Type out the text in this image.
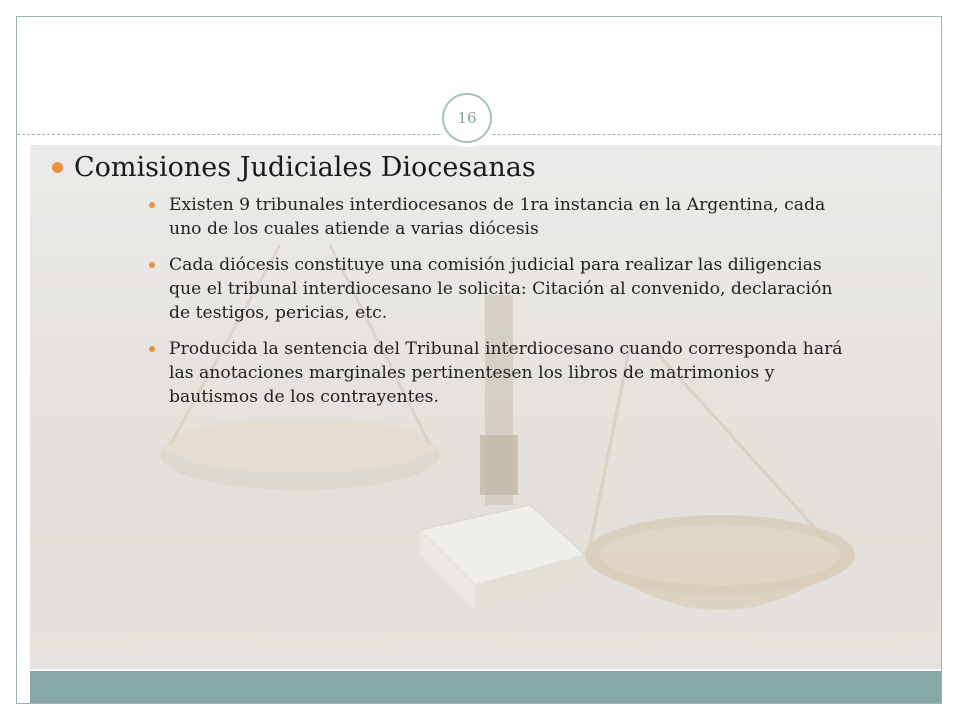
16
Comisiones Judiciales Diocesanas
Existen 9 tribunales interdiocesanos de 1ra instancia en la Argentina, cada uno de los cuales atiende a varias diócesis
Cada diócesis constituye una comisión judicial para realizar las diligencias que el tribunal interdiocesano le solicita: Citación al convenido, declaración de testigos, pericias, etc.
Producida la sentencia del Tribunal interdiocesano cuando corresponda hará las anotaciones marginales pertinentesen los libros de matrimonios y bautismos de los contrayentes.
